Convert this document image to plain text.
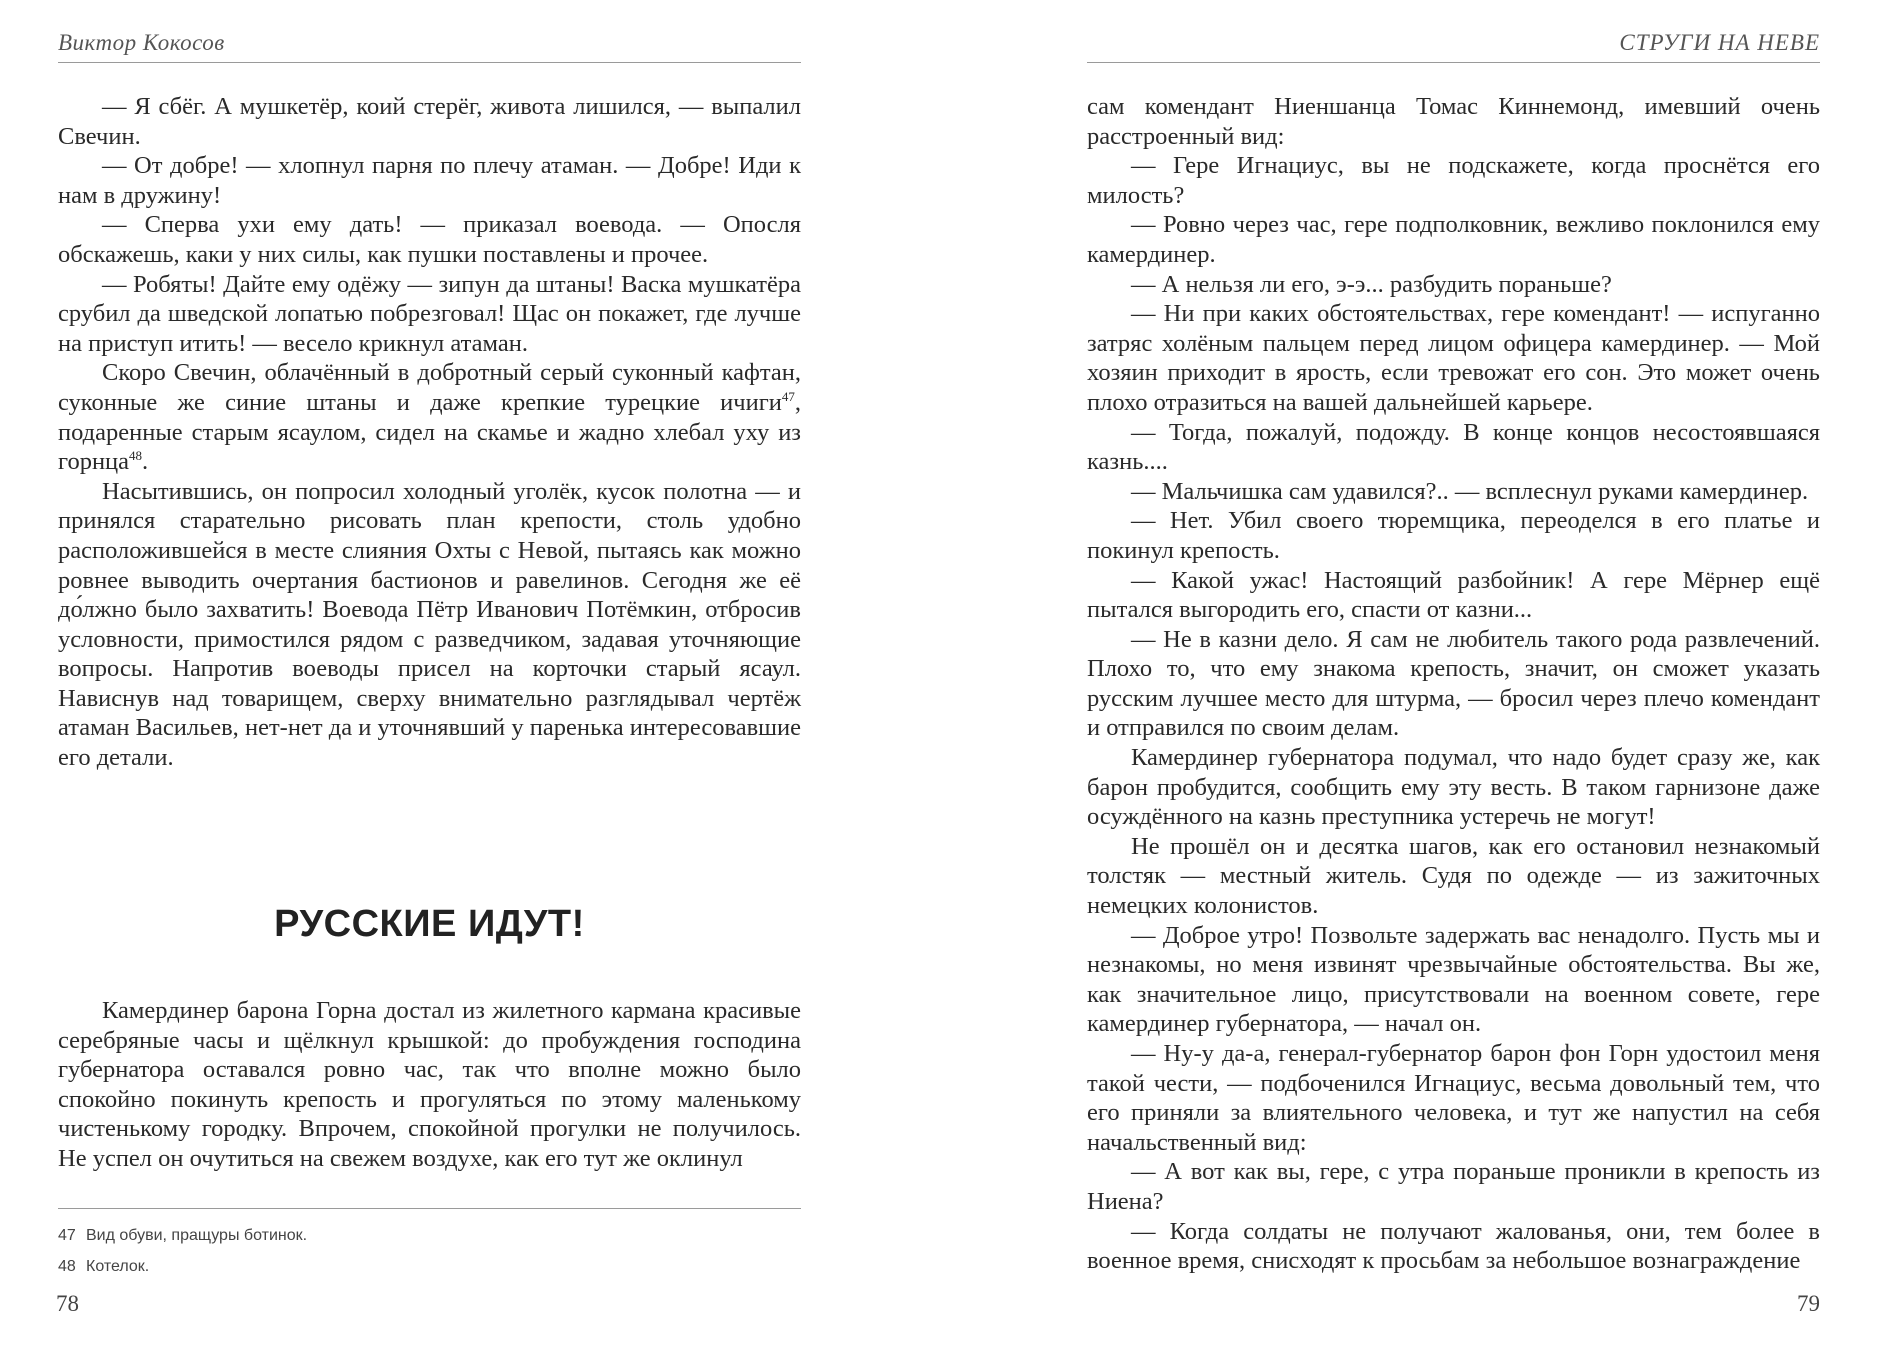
Виктор Кокосов

— Я сбёг. А мушкетёр, коий стерёг, живота лишился, — выпалил Свечин.

— От добре! — хлопнул парня по плечу атаман. — Добре! Иди к нам в дружину!

— Сперва ухи ему дать! — приказал воевода. — Опосля обскажешь, каки у них силы, как пушки поставлены и прочее.

— Робяты! Дайте ему одёжу — зипун да штаны! Васка мушкатёра срубил да шведской лопатью побрезговал! Щас он покажет, где лучше на приступ итить! — весело крикнул атаман.

Скоро Свечин, облачённый в добротный серый суконный кафтан, суконные же синие штаны и даже крепкие турецкие ичиги$^{47}$, подаренные старым ясаулом, сидел на скамье и жадно хлебал уху из горнца$^{48}$.

Насытившись, он попросил холодный уголёк, кусок полотна — и принялся старательно рисовать план крепости, столь удобно расположившейся в месте слияния Охты с Невой, пытаясь как можно ровнее выводить очертания бастионов и равелинов. Сегодня же её до́лжно было захватить! Воевода Пётр Иванович Потёмкин, отбросив условности, примостился рядом с разведчиком, задавая уточняющие вопросы. Напротив воеводы присел на корточки старый ясаул. Нависнув над товарищем, сверху внимательно разглядывал чертёж атаман Васильев, нет-нет да и уточнявший у паренька интересовавшие его детали.

РУССКИЕ ИДУТ!

Камердинер барона Горна достал из жилетного кармана красивые серебряные часы и щёлкнул крышкой: до пробуждения господина губернатора оставался ровно час, так что вполне можно было спокойно покинуть крепость и прогуляться по этому маленькому чистенькому городку. Впрочем, спокойной прогулки не получилось. Не успел он очутиться на свежем воздухе, как его тут же оклинул

47 Вид обуви, пращуры ботинок.
48 Котелок.
78
СТРУГИ НА НЕВЕ

сам комендант Ниеншанца Томас Киннемонд, имевший очень расстроенный вид:

— Гере Игнациус, вы не подскажете, когда проснётся его милость?

— Ровно через час, гере подполковник, вежливо поклонился ему камердинер.

— А нельзя ли его, э-э... разбудить пораньше?

— Ни при каких обстоятельствах, гере комендант! — испуганно затряс холёным пальцем перед лицом офицера камердинер. — Мой хозяин приходит в ярость, если тревожат его сон. Это может очень плохо отразиться на вашей дальнейшей карьере.

— Тогда, пожалуй, подожду. В конце концов несостоявшаяся казнь....

— Мальчишка сам удавился?.. — всплеснул руками камердинер.

— Нет. Убил своего тюремщика, переоделся в его платье и покинул крепость.

— Какой ужас! Настоящий разбойник! А гере Мёрнер ещё пытался выгородить его, спасти от казни...

— Не в казни дело. Я сам не любитель такого рода развлечений. Плохо то, что ему знакома крепость, значит, он сможет указать русским лучшее место для штурма, — бросил через плечо комендант и отправился по своим делам.

Камердинер губернатора подумал, что надо будет сразу же, как барон пробудится, сообщить ему эту весть. В таком гарнизоне даже осуждённого на казнь преступника устеречь не могут!

Не прошёл он и десятка шагов, как его остановил незнакомый толстяк — местный житель. Судя по одежде — из зажиточных немецких колонистов.

— Доброе утро! Позвольте задержать вас ненадолго. Пусть мы и незнакомы, но меня извинят чрезвычайные обстоятельства. Вы же, как значительное лицо, присутствовали на военном совете, гере камердинер губернатора, — начал он.

— Ну-у да-а, генерал-губернатор барон фон Горн удостоил меня такой чести, — подбоченился Игнациус, весьма довольный тем, что его приняли за влиятельного человека, и тут же напустил на себя начальственный вид:

— А вот как вы, гере, с утра пораньше проникли в крепость из Ниена?

— Когда солдаты не получают жалованья, они, тем более в военное время, снисходят к просьбам за небольшое вознаграждение

79
